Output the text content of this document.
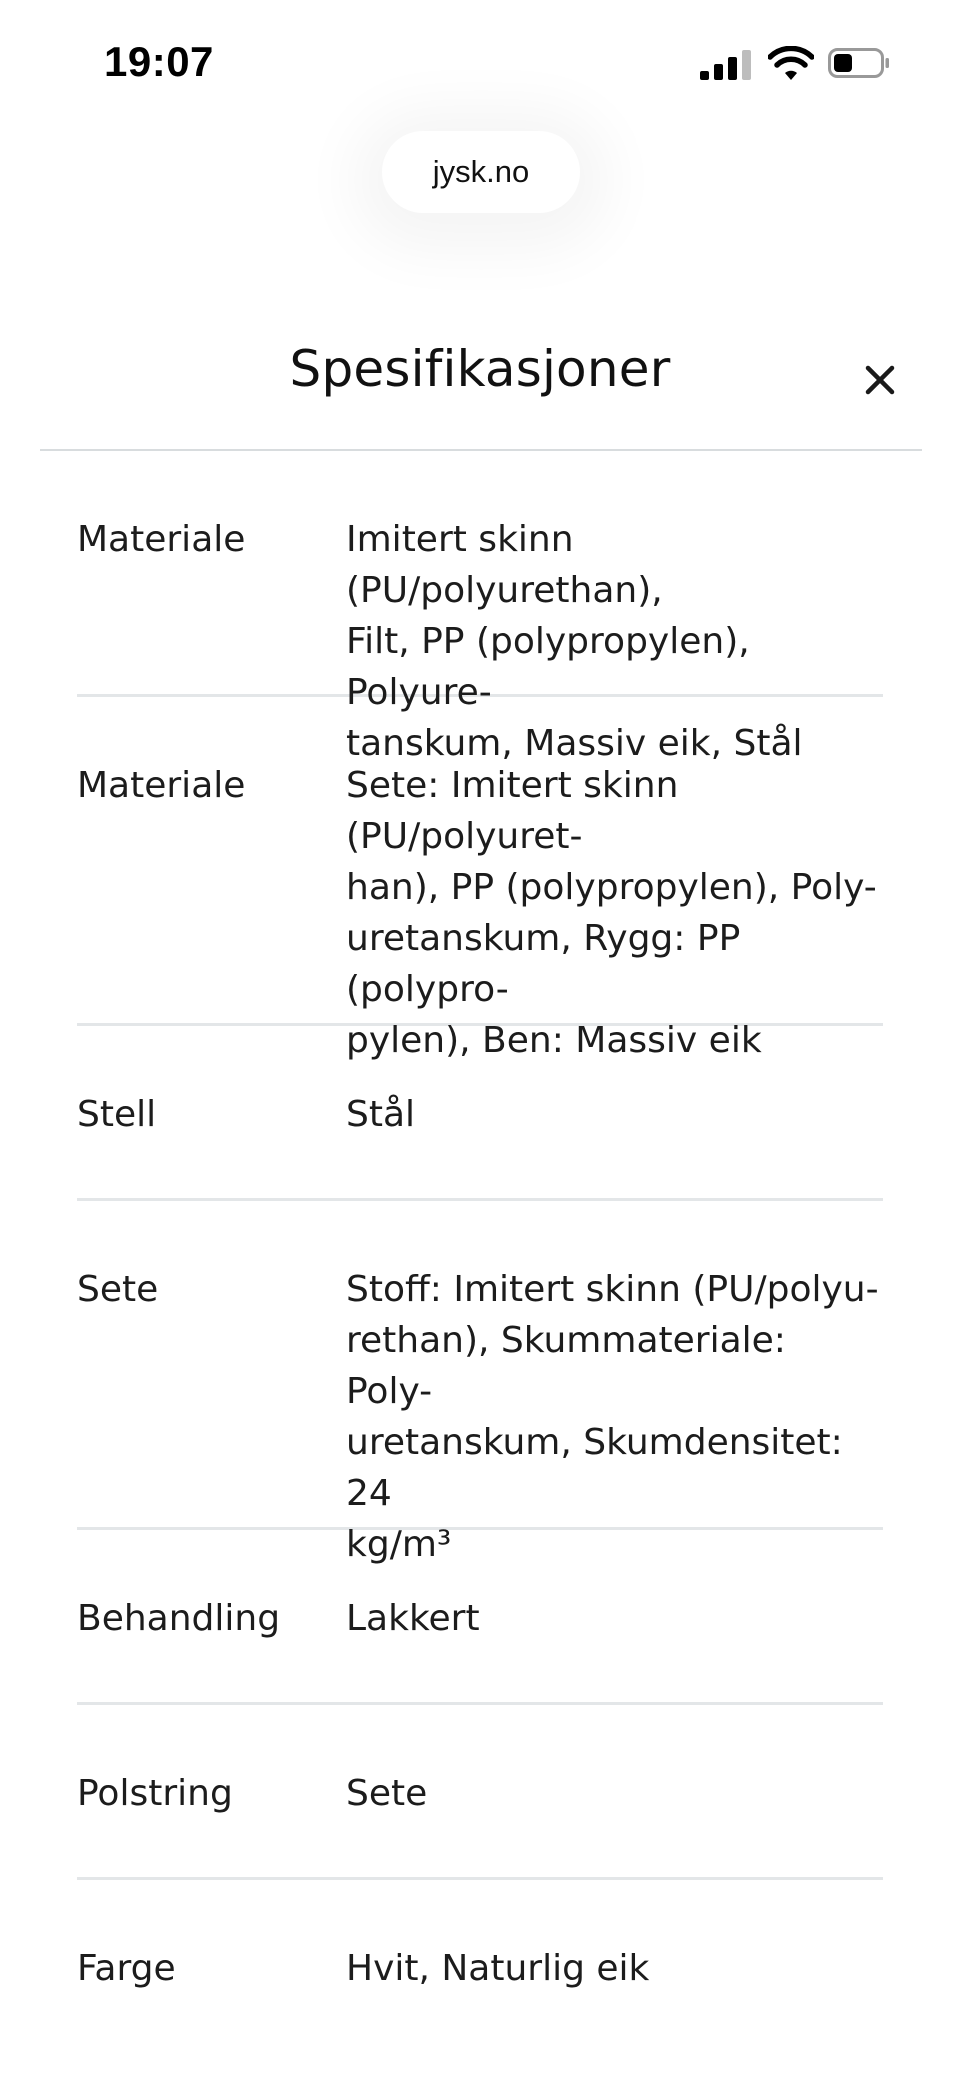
19:07
jysk.no
Spesifikasjoner
Materiale	Imitert skinn (PU/polyurethan),
Filt, PP (polypropylen), Polyure-
tanskum, Massiv eik, Stål
Materiale	Sete: Imitert skinn (PU/polyuret-
han), PP (polypropylen), Poly-
uretanskum, Rygg: PP (polypro-
pylen), Ben: Massiv eik
Stell	Stål
Sete	Stoff: Imitert skinn (PU/polyu-
rethan), Skummateriale: Poly-
uretanskum, Skumdensitet: 24
kg/m³
Behandling	Lakkert
Polstring	Sete
Farge	Hvit, Naturlig eik
